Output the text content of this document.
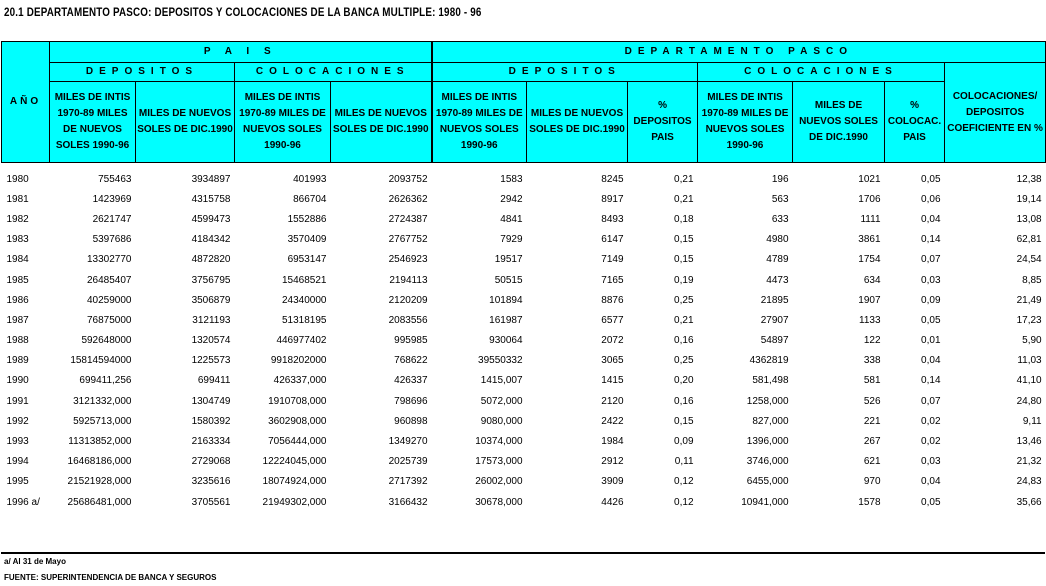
20.1 DEPARTAMENTO PASCO: DEPOSITOS Y COLOCACIONES DE LA BANCA MULTIPLE: 1980 - 96
AÑO	P A I S				DEPARTAMENTO PASCO						
	DEPOSITOS		COLOCACIONES		DEPOSITOS			COLOCACIONES			COLOCACIONES/ DEPOSITOS COEFICIENTE EN %
	MILES DE INTIS 1970-89 MILES DE NUEVOS SOLES 1990-96	MILES DE NUEVOS SOLES DE DIC.1990	MILES DE INTIS 1970-89 MILES DE NUEVOS SOLES 1990-96	MILES DE NUEVOS SOLES DE DIC.1990	MILES DE INTIS 1970-89 MILES DE NUEVOS SOLES 1990-96	MILES DE NUEVOS SOLES DE DIC.1990	% DEPOSITOS PAIS	MILES DE INTIS 1970-89 MILES DE NUEVOS SOLES 1990-96	MILES DE NUEVOS SOLES DE DIC.1990	% COLOCAC. PAIS	
1980	755463	3934897	401993	2093752	1583	8245	0,21	196	1021	0,05	12,38
1981	1423969	4315758	866704	2626362	2942	8917	0,21	563	1706	0,06	19,14
1982	2621747	4599473	1552886	2724387	4841	8493	0,18	633	1111	0,04	13,08
1983	5397686	4184342	3570409	2767752	7929	6147	0,15	4980	3861	0,14	62,81
1984	13302770	4872820	6953147	2546923	19517	7149	0,15	4789	1754	0,07	24,54
1985	26485407	3756795	15468521	2194113	50515	7165	0,19	4473	634	0,03	8,85
1986	40259000	3506879	24340000	2120209	101894	8876	0,25	21895	1907	0,09	21,49
1987	76875000	3121193	51318195	2083556	161987	6577	0,21	27907	1133	0,05	17,23
1988	592648000	1320574	446977402	995985	930064	2072	0,16	54897	122	0,01	5,90
1989	15814594000	1225573	9918202000	768622	39550332	3065	0,25	4362819	338	0,04	11,03
1990	699411,256	699411	426337,000	426337	1415,007	1415	0,20	581,498	581	0,14	41,10
1991	3121332,000	1304749	1910708,000	798696	5072,000	2120	0,16	1258,000	526	0,07	24,80
1992	5925713,000	1580392	3602908,000	960898	9080,000	2422	0,15	827,000	221	0,02	9,11
1993	11313852,000	2163334	7056444,000	1349270	10374,000	1984	0,09	1396,000	267	0,02	13,46
1994	16468186,000	2729068	12224045,000	2025739	17573,000	2912	0,11	3746,000	621	0,03	21,32
1995	21521928,000	3235616	18074924,000	2717392	26002,000	3909	0,12	6455,000	970	0,04	24,83
1996 a/	25686481,000	3705561	21949302,000	3166432	30678,000	4426	0,12	10941,000	1578	0,05	35,66
a/ Al 31 de Mayo
FUENTE: SUPERINTENDENCIA DE BANCA Y SEGUROS
